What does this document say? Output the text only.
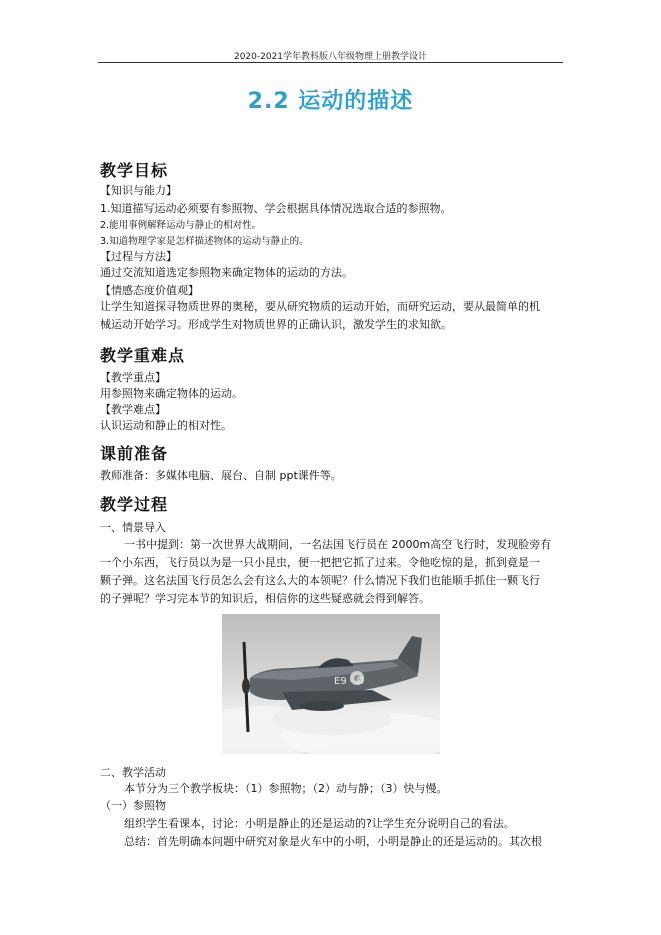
2020-2021学年教科版八年级物理上册教学设计
2.2 运动的描述
教学目标
【知识与能力】
1.知道描写运动必须要有参照物、学会根据具体情况选取合适的参照物。
2.能用事例解释运动与静止的相对性。
3.知道物理学家是怎样描述物体的运动与静止的。
【过程与方法】
通过交流知道选定参照物来确定物体的运动的方法。
【情感态度价值观】
让学生知道探寻物质世界的奥秘，要从研究物质的运动开始，而研究运动，要从最简单的机
械运动开始学习。形成学生对物质世界的正确认识，激发学生的求知欲。
教学重难点
【教学重点】
用参照物来确定物体的运动。
【教学难点】
认识运动和静止的相对性。
课前准备
教师准备：多媒体电脑、展台、自制 ppt课件等。
教学过程
一、情景导入
一书中提到：第一次世界大战期间，一名法国飞行员在 2000m高空飞行时，发现脸旁有
一个小东西，飞行员以为是一只小昆虫，便一把把它抓了过来。令他吃惊的是，抓到竟是一
颗子弹。这名法国飞行员怎么会有这么大的本领呢？什么情况下我们也能顺手抓住一颗飞行
的子弹呢？学习完本节的知识后，相信你的这些疑惑就会得到解答。
二、教学活动
本节分为三个教学板块：（1）参照物；（2）动与静；（3）快与慢。
（一）参照物
组织学生看课本，讨论：小明是静止的还是运动的?让学生充分说明自己的看法。
总结：首先明确本问题中研究对象是火车中的小明，小明是静止的还是运动的。其次根
E9 - D
